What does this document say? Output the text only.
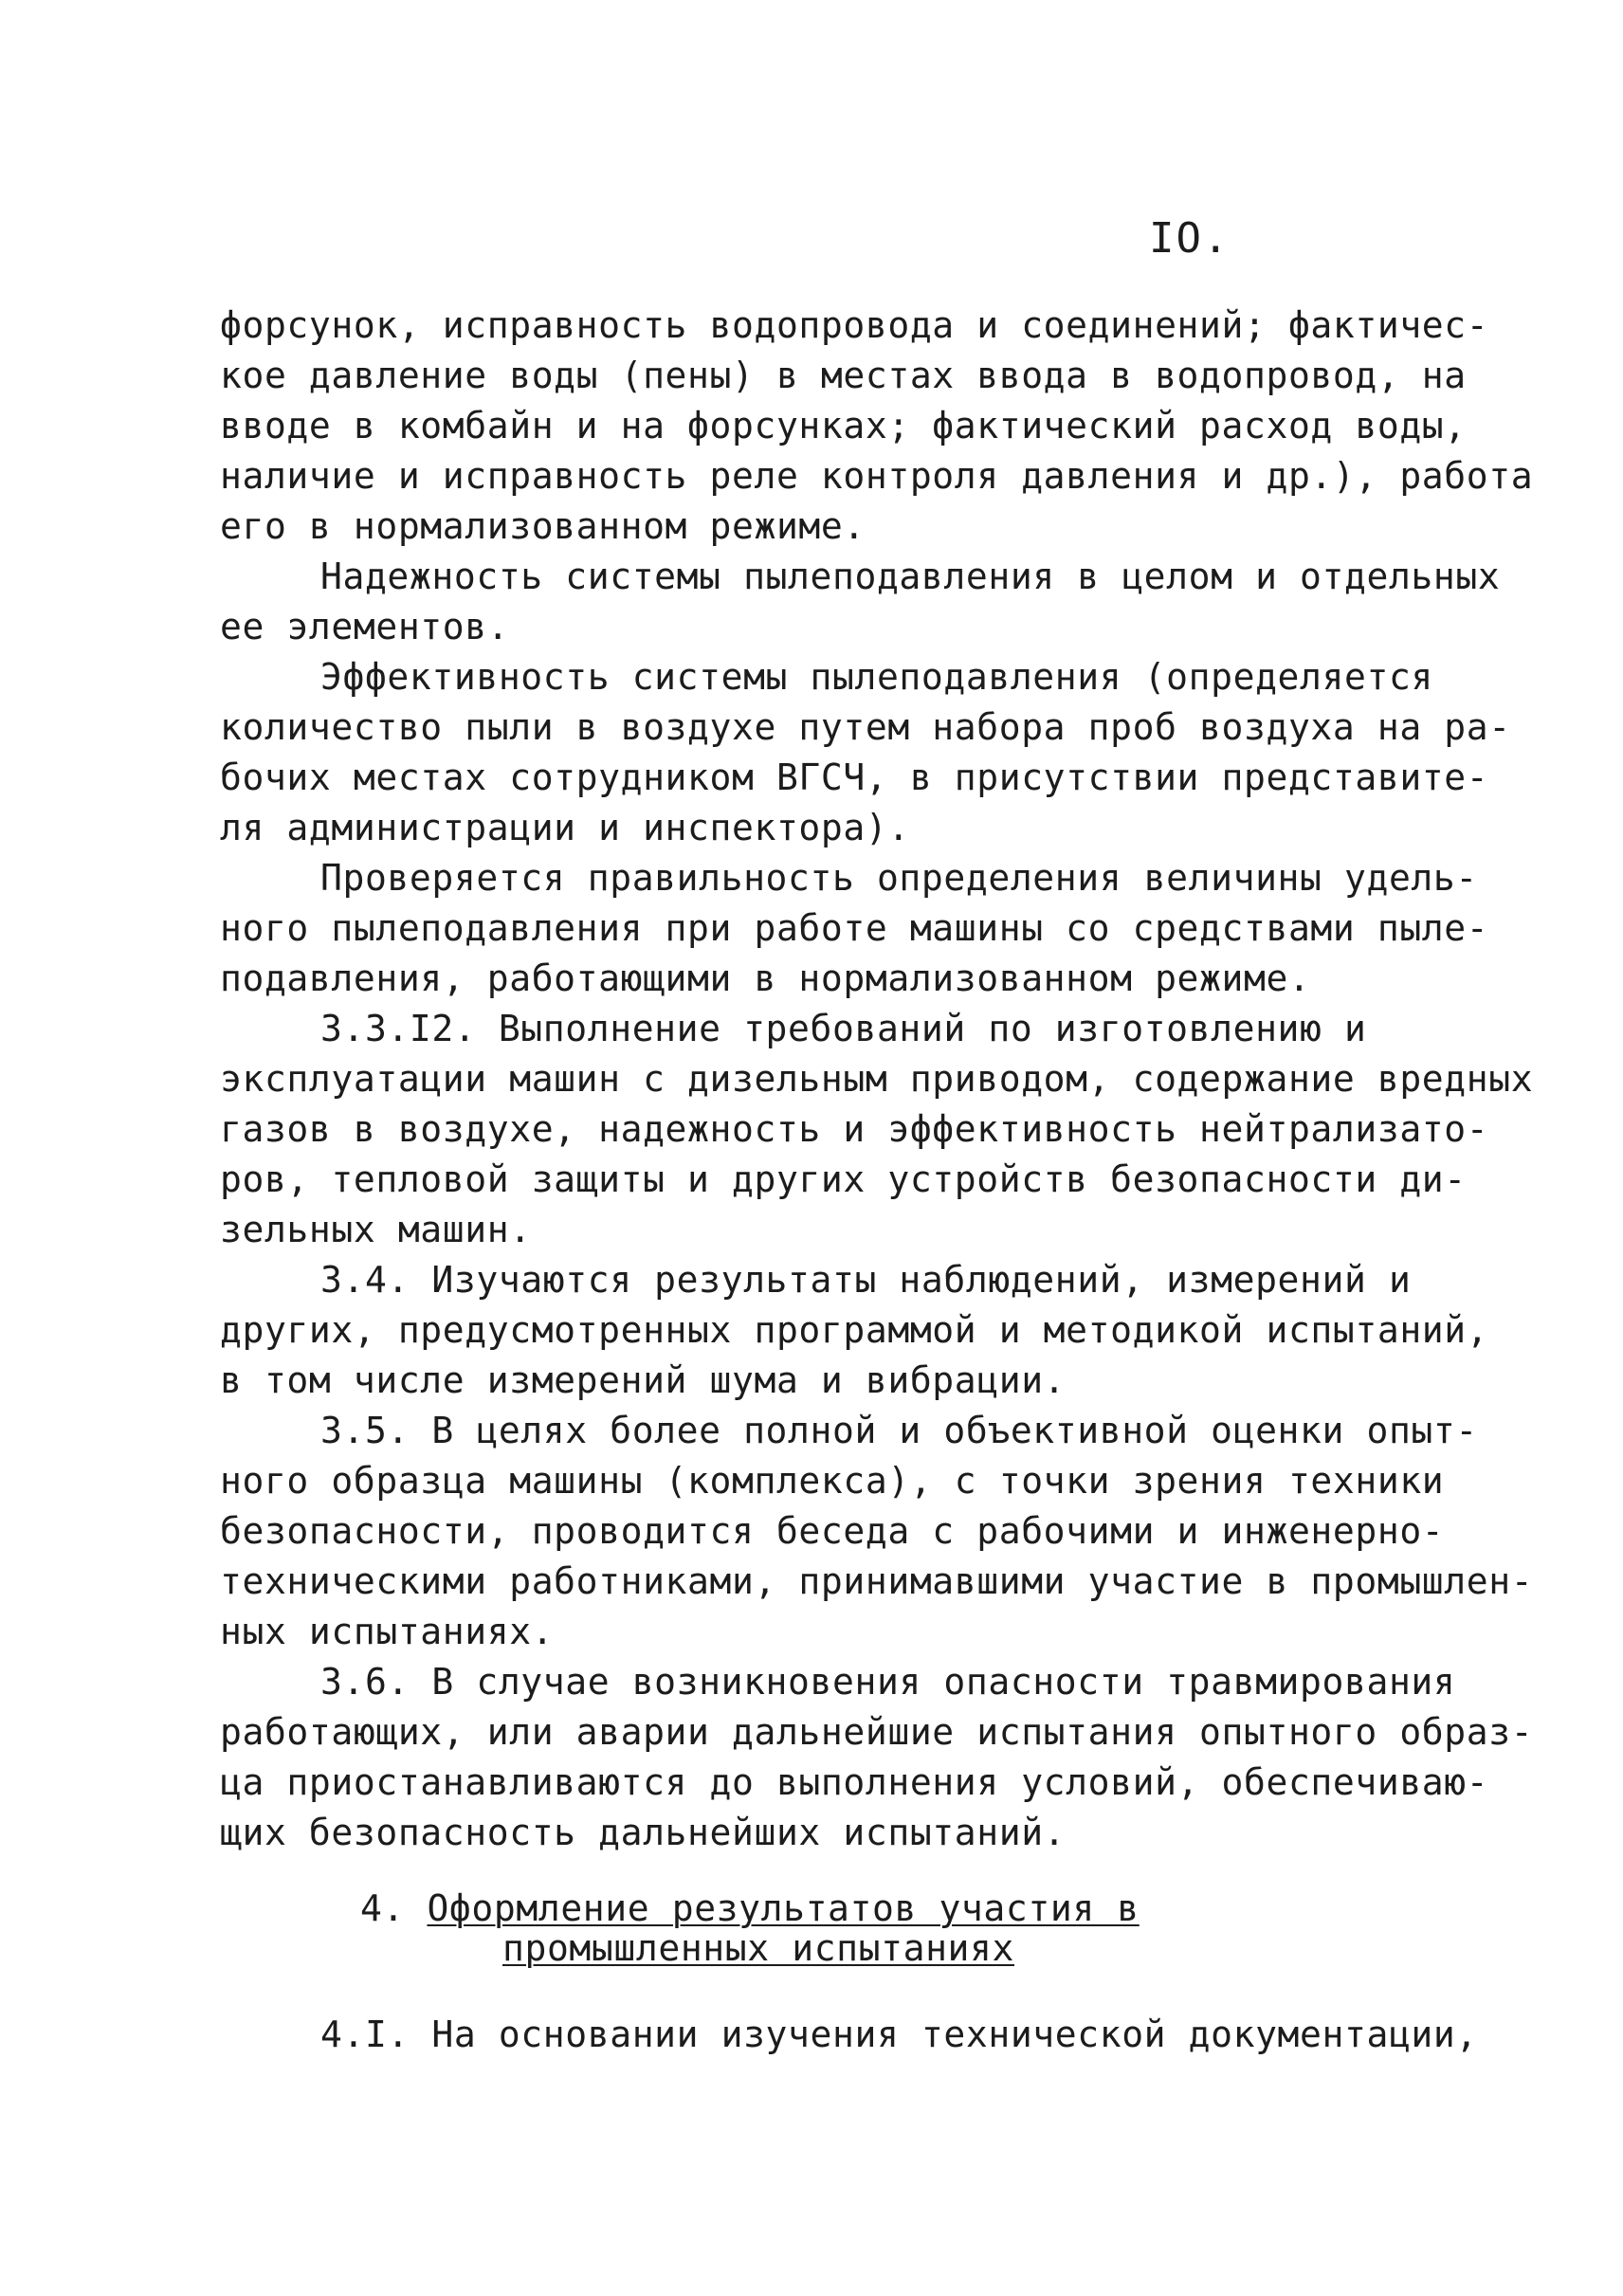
IO.
форсунок, исправность водопровода и соединений; фактичес-
кое давление воды (пены) в местах ввода в водопровод, на
вводе в комбайн и на форсунках; фактический расход воды,
наличие и исправность реле контроля давления и др.), работа
его в нормализованном режиме.
Надежность системы пылеподавления в целом и отдельных
ее элементов.
Эффективность системы пылеподавления (определяется
количество пыли в воздухе путем набора проб воздуха на ра-
бочих местах сотрудником ВГСЧ, в присутствии представите-
ля администрации и инспектора).
Проверяется правильность определения величины удель-
ного пылеподавления при работе машины со средствами пыле-
подавления, работающими в нормализованном режиме.
3.3.I2. Выполнение требований по изготовлению и
эксплуатации машин с дизельным приводом, содержание вредных
газов в воздухе, надежность и эффективность нейтрализато-
ров, тепловой защиты и других устройств безопасности ди-
зельных машин.
3.4. Изучаются результаты наблюдений, измерений и
других, предусмотренных программой и методикой испытаний,
в том числе измерений шума и вибрации.
3.5. В целях более полной и объективной оценки опыт-
ного образца машины (комплекса), с точки зрения техники
безопасности, проводится беседа с рабочими и инженерно-
техническими работниками, принимавшими участие в промышлен-
ных испытаниях.
3.6. В случае возникновения опасности травмирования
работающих, или аварии дальнейшие испытания опытного образ-
ца приостанавливаются до выполнения условий, обеспечиваю-
щих безопасность дальнейших испытаний.
4. Оформление результатов участия в
промышленных испытаниях
4.I. На основании изучения технической документации,
